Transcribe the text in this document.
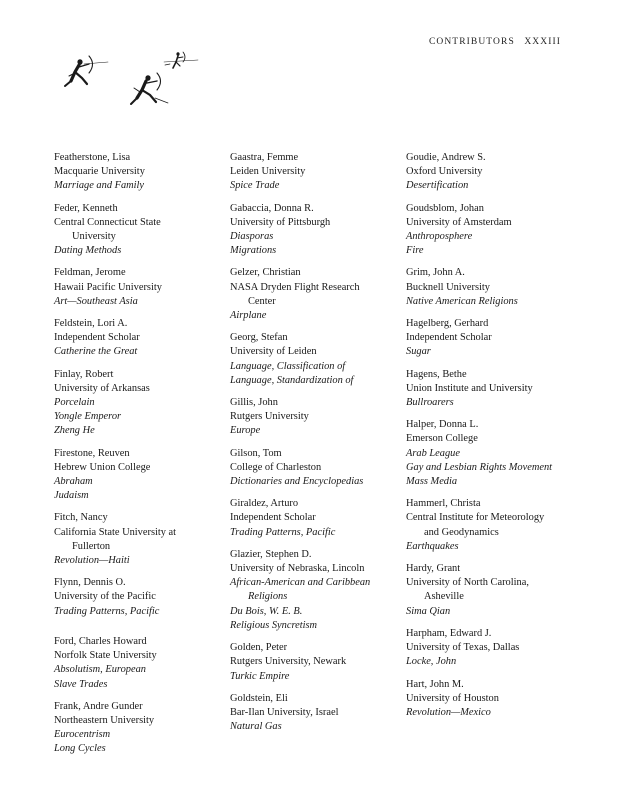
CONTRIBUTORS XXXIII
Featherstone, Lisa
Macquarie University
Marriage and Family
Feder, Kenneth
Central Connecticut State
University
Dating Methods
Feldman, Jerome
Hawaii Pacific University
Art—Southeast Asia
Feldstein, Lori A.
Independent Scholar
Catherine the Great
Finlay, Robert
University of Arkansas
Porcelain
Yongle Emperor
Zheng He
Firestone, Reuven
Hebrew Union College
Abraham
Judaism
Fitch, Nancy
California State University at
Fullerton
Revolution—Haiti
Flynn, Dennis O.
University of the Pacific
Trading Patterns, Pacific
Ford, Charles Howard
Norfolk State University
Absolutism, European
Slave Trades
Frank, Andre Gunder
Northeastern University
Eurocentrism
Long Cycles
Gaastra, Femme
Leiden University
Spice Trade
Gabaccia, Donna R.
University of Pittsburgh
Diasporas
Migrations
Gelzer, Christian
NASA Dryden Flight Research
Center
Airplane
Georg, Stefan
University of Leiden
Language, Classification of
Language, Standardization of
Gillis, John
Rutgers University
Europe
Gilson, Tom
College of Charleston
Dictionaries and Encyclopedias
Giraldez, Arturo
Independent Scholar
Trading Patterns, Pacific
Glazier, Stephen D.
University of Nebraska, Lincoln
African-American and Caribbean
Religions
Du Bois, W. E. B.
Religious Syncretism
Golden, Peter
Rutgers University, Newark
Turkic Empire
Goldstein, Eli
Bar-Ilan University, Israel
Natural Gas
Goudie, Andrew S.
Oxford University
Desertification
Goudsblom, Johan
University of Amsterdam
Anthroposphere
Fire
Grim, John A.
Bucknell University
Native American Religions
Hagelberg, Gerhard
Independent Scholar
Sugar
Hagens, Bethe
Union Institute and University
Bullroarers
Halper, Donna L.
Emerson College
Arab League
Gay and Lesbian Rights Movement
Mass Media
Hammerl, Christa
Central Institute for Meteorology
and Geodynamics
Earthquakes
Hardy, Grant
University of North Carolina,
Asheville
Sima Qian
Harpham, Edward J.
University of Texas, Dallas
Locke, John
Hart, John M.
University of Houston
Revolution—Mexico
